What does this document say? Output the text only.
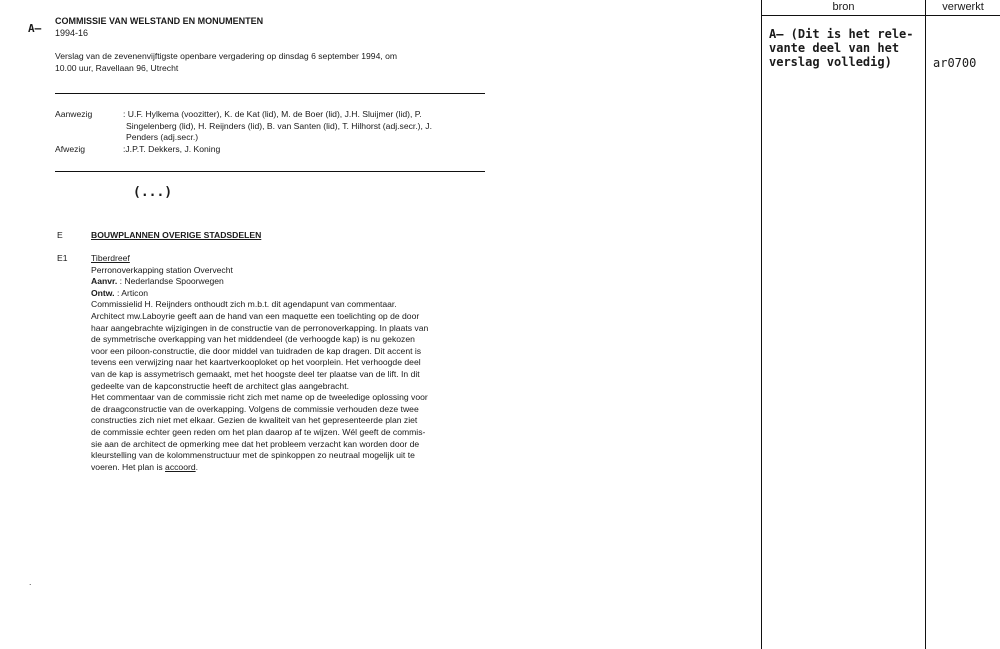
A—
COMMISSIE VAN WELSTAND EN MONUMENTEN
1994-16
Verslag van de zevenenvijftigste openbare vergadering op dinsdag 6 september 1994, om
10.00 uur, Ravellaan 96, Utrecht
Aanwezig	: U.F. Hylkema (voozitter), K. de Kat (lid), M. de Boer (lid), J.H. Sluijmer (lid), P.
Singelenberg (lid), H. Reijnders (lid), B. van Santen (lid), T. Hilhorst (adj.secr.), J.
Penders (adj.secr.)
Afwezig	:J.P.T. Dekkers, J. Koning
(...)
E	BOUWPLANNEN OVERIGE STADSDELEN
E1	Tiberdreef
Perronoverkapping station Overvecht
Aanvr. : Nederlandse Spoorwegen
Ontw. : Articon
Commissielid H. Reijnders onthoudt zich m.b.t. dit agendapunt van commentaar.
Architect mw.Laboyrie geeft aan de hand van een maquette een toelichting op de door
haar aangebrachte wijzigingen in de constructie van de perronoverkapping. In plaats van
de symmetrische overkapping van het middendeel (de verhoogde kap) is nu gekozen
voor een piloon-constructie, die door middel van tuidraden de kap dragen. Dit accent is
tevens een verwijzing naar het kaartverkooploket op het voorplein. Het verhoogde deel
van de kap is assymetrisch gemaakt, met het hoogste deel ter plaatse van de lift. In dit
gedeelte van de kapconstructie heeft de architect glas aangebracht.
Het commentaar van de commissie richt zich met name op de tweeledige oplossing voor
de draagconstructie van de overkapping. Volgens de commissie verhouden deze twee
constructies zich niet met elkaar. Gezien de kwaliteit van het gepresenteerde plan ziet
de commissie echter geen reden om het plan daarop af te wijzen. Wél geeft de commis-
sie aan de architect de opmerking mee dat het probleem verzacht kan worden door de
kleurstelling van de kolommenstructuur met de spinkoppen zo neutraal mogelijk uit te
voeren. Het plan is accoord.
.
bron	verwerkt
A— (Dit is het rele-
vante deel van het
verslag volledig)	ar0700
